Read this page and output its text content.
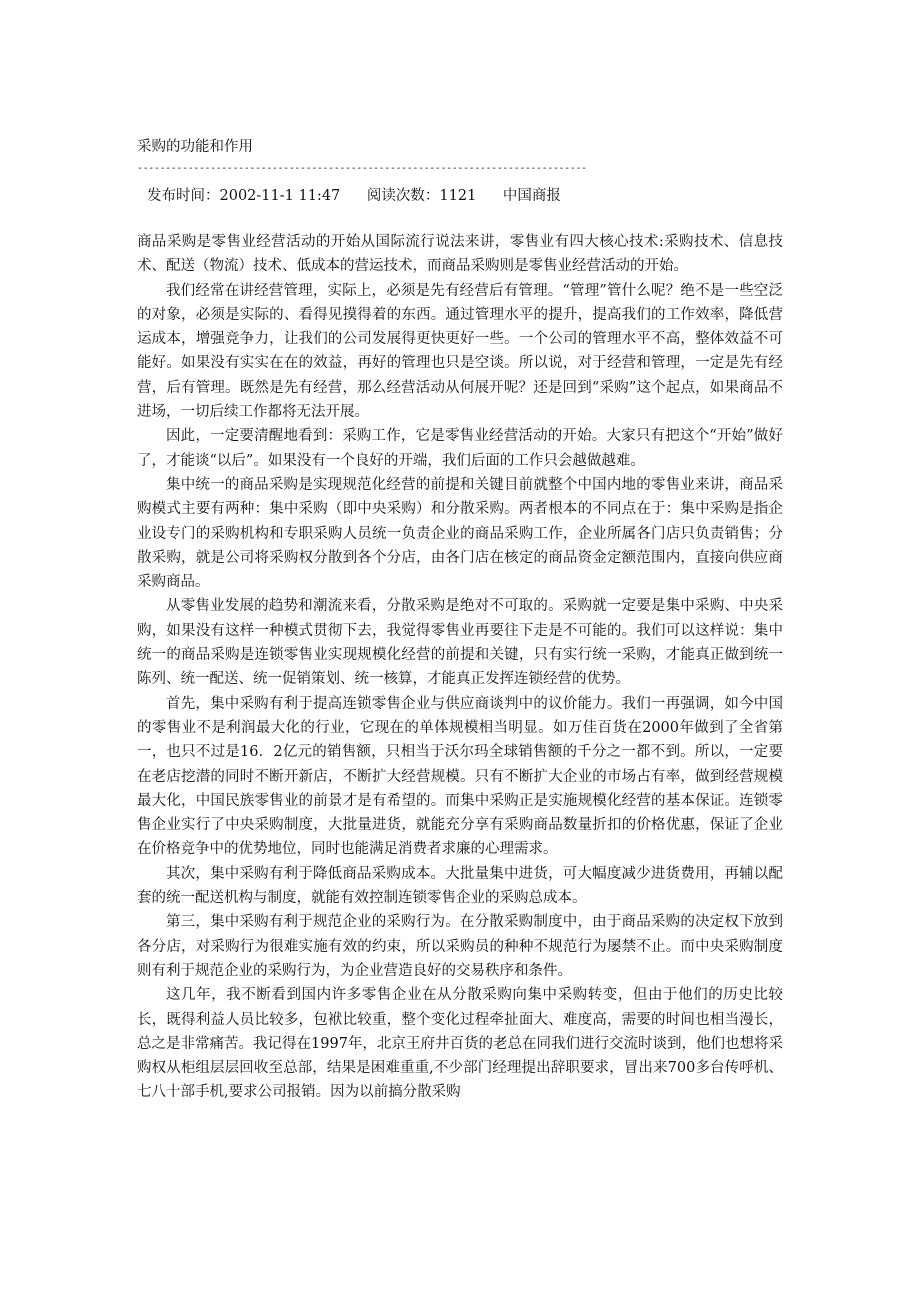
采购的功能和作用
--------------------------------------------------------------------------------
发布时间：2002-11-1 11:47 阅读次数：1121 中国商报

商品采购是零售业经营活动的开始从国际流行说法来讲，零售业有四大核心技术:采购技术、信息技术、配送（物流）技术、低成本的营运技术，而商品采购则是零售业经营活动的开始。

我们经常在讲经营管理，实际上，必须是先有经营后有管理。“管理”管什么呢？绝不是一些空泛的对象，必须是实际的、看得见摸得着的东西。通过管理水平的提升，提高我们的工作效率，降低营运成本，增强竞争力，让我们的公司发展得更快更好一些。一个公司的管理水平不高，整体效益不可能好。如果没有实实在在的效益，再好的管理也只是空谈。所以说，对于经营和管理，一定是先有经营，后有管理。既然是先有经营，那么经营活动从何展开呢？还是回到“采购”这个起点，如果商品不进场，一切后续工作都将无法开展。

因此，一定要清醒地看到：采购工作，它是零售业经营活动的开始。大家只有把这个“开始”做好了，才能谈“以后”。如果没有一个良好的开端，我们后面的工作只会越做越难。

集中统一的商品采购是实现规范化经营的前提和关键目前就整个中国内地的零售业来讲，商品采购模式主要有两种：集中采购（即中央采购）和分散采购。两者根本的不同点在于：集中采购是指企业设专门的采购机构和专职采购人员统一负责企业的商品采购工作，企业所属各门店只负责销售；分散采购，就是公司将采购权分散到各个分店，由各门店在核定的商品资金定额范围内，直接向供应商采购商品。

从零售业发展的趋势和潮流来看，分散采购是绝对不可取的。采购就一定要是集中采购、中央采购，如果没有这样一种模式贯彻下去，我觉得零售业再要往下走是不可能的。我们可以这样说：集中统一的商品采购是连锁零售业实现规模化经营的前提和关键，只有实行统一采购，才能真正做到统一陈列、统一配送、统一促销策划、统一核算，才能真正发挥连锁经营的优势。

首先，集中采购有利于提高连锁零售企业与供应商谈判中的议价能力。我们一再强调，如今中国的零售业不是利润最大化的行业，它现在的单体规模相当明显。如万佳百货在2000年做到了全省第一，也只不过是16．2亿元的销售额，只相当于沃尔玛全球销售额的千分之一都不到。所以，一定要在老店挖潜的同时不断开新店，不断扩大经营规模。只有不断扩大企业的市场占有率，做到经营规模最大化，中国民族零售业的前景才是有希望的。而集中采购正是实施规模化经营的基本保证。连锁零售企业实行了中央采购制度，大批量进货，就能充分享有采购商品数量折扣的价格优惠，保证了企业在价格竞争中的优势地位，同时也能满足消费者求廉的心理需求。

其次，集中采购有利于降低商品采购成本。大批量集中进货，可大幅度减少进货费用，再辅以配套的统一配送机构与制度，就能有效控制连锁零售企业的采购总成本。

第三，集中采购有利于规范企业的采购行为。在分散采购制度中，由于商品采购的决定权下放到各分店，对采购行为很难实施有效的约束，所以采购员的种种不规范行为屡禁不止。而中央采购制度则有利于规范企业的采购行为，为企业营造良好的交易秩序和条件。

这几年，我不断看到国内许多零售企业在从分散采购向集中采购转变，但由于他们的历史比较长，既得利益人员比较多，包袱比较重，整个变化过程牵扯面大、难度高，需要的时间也相当漫长，总之是非常痛苦。我记得在1997年，北京王府井百货的老总在同我们进行交流时谈到，他们也想将采购权从柜组层层回收至总部，结果是困难重重,不少部门经理提出辞职要求，冒出来700多台传呼机、七八十部手机,要求公司报销。因为以前搞分散采购
